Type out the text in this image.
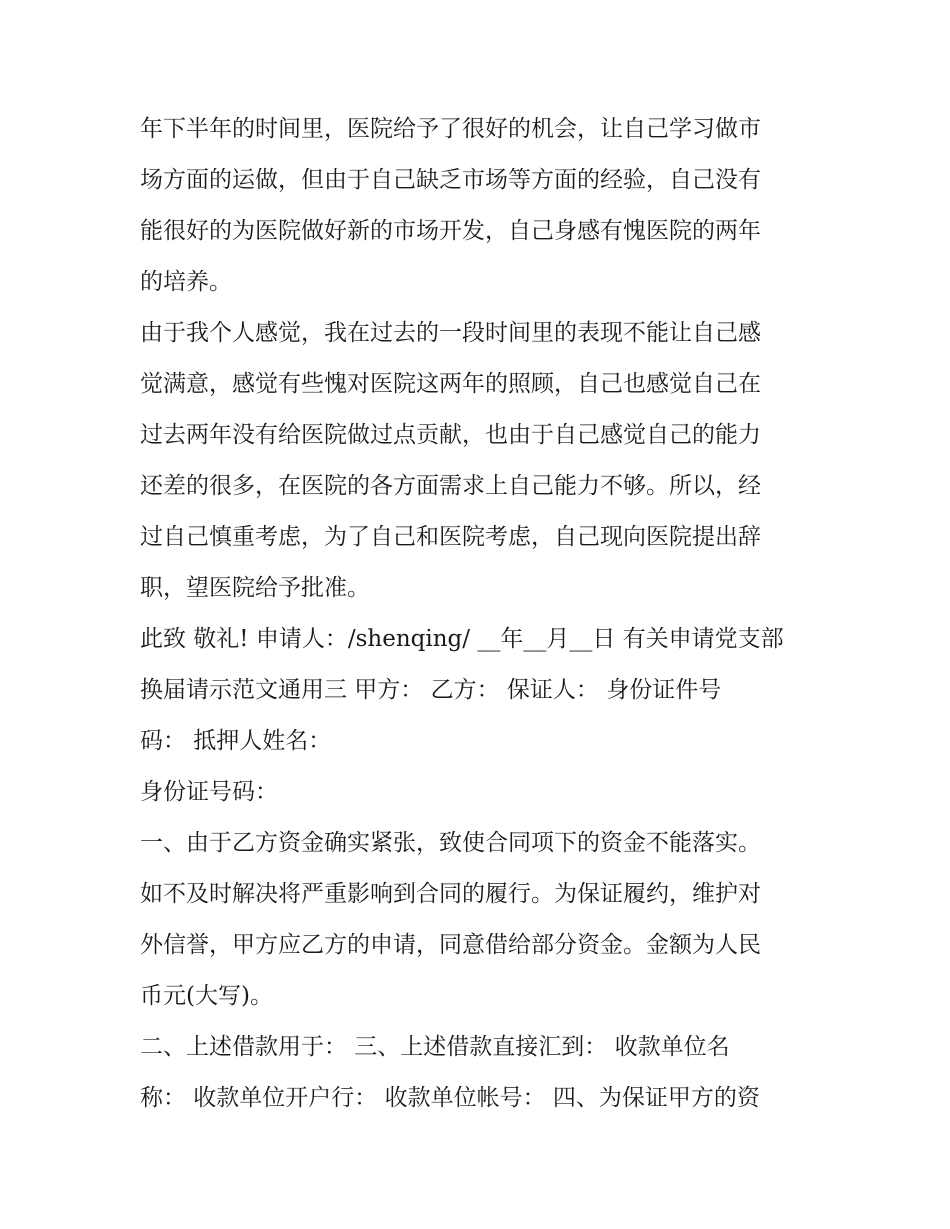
年下半年的时间里，医院给予了很好的机会，让自己学习做市
场方面的运做，但由于自己缺乏市场等方面的经验，自己没有
能很好的为医院做好新的市场开发，自己身感有愧医院的两年
的培养。
由于我个人感觉，我在过去的一段时间里的表现不能让自己感
觉满意，感觉有些愧对医院这两年的照顾，自己也感觉自己在
过去两年没有给医院做过点贡献，也由于自己感觉自己的能力
还差的很多，在医院的各方面需求上自己能力不够。所以，经
过自己慎重考虑，为了自己和医院考虑，自己现向医院提出辞
职，望医院给予批准。
此致 敬礼! 申请人：/shenqing/ __年__月__日 有关申请党支部
换届请示范文通用三 甲方： 乙方： 保证人： 身份证件号
码： 抵押人姓名：
身份证号码：
一、由于乙方资金确实紧张，致使合同项下的资金不能落实。
如不及时解决将严重影响到合同的履行。为保证履约，维护对
外信誉，甲方应乙方的申请，同意借给部分资金。金额为人民
币元(大写)。
二、上述借款用于： 三、上述借款直接汇到： 收款单位名
称： 收款单位开户行： 收款单位帐号： 四、为保证甲方的资
